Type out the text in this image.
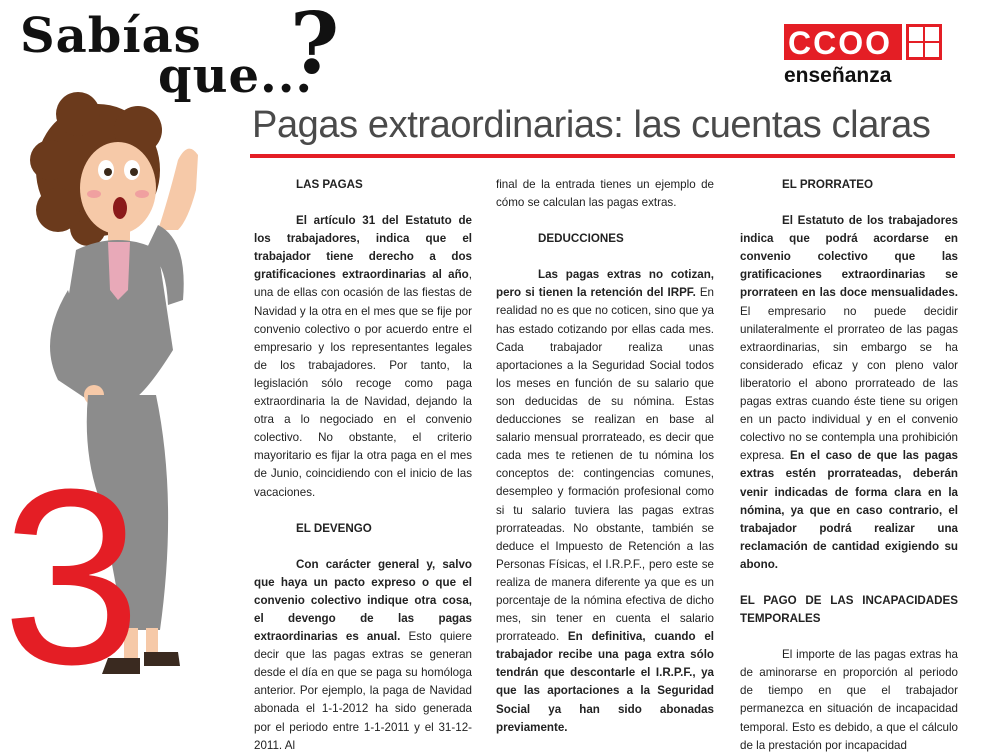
Sabías
que...
?	CCOO
enseñanza
Pagas extraordinarias: las cuentas claras
3
LAS PAGAS

El artículo 31 del Estatuto de los trabajadores, indica que el trabajador tiene derecho a dos gratificaciones extraordinarias al año, una de ellas con ocasión de las fiestas de Navidad y la otra en el mes que se fije por convenio colectivo o por acuerdo entre el empresario y los representantes legales de los trabajadores. Por tanto, la legislación sólo recoge como paga extraordinaria la de Navidad, dejando la otra a lo negociado en el convenio colectivo. No obstante, el criterio mayoritario es fijar la otra paga en el mes de Junio, coincidiendo con el inicio de las vacaciones.

EL DEVENGO

Con carácter general y, salvo que haya un pacto expreso o que el convenio colectivo indique otra cosa, el devengo de las pagas extraordinarias es anual. Esto quiere decir que las pagas extras se generan desde el día en que se paga su homóloga anterior. Por ejemplo, la paga de Navidad abonada el 1-1-2012 ha sido generada por el periodo entre 1-1-2011 y el 31-12-2011. Al

final de la entrada tienes un ejemplo de cómo se calculan las pagas extras.

DEDUCCIONES

Las pagas extras no cotizan, pero si tienen la retención del IRPF. En realidad no es que no coticen, sino que ya has estado cotizando por ellas cada mes. Cada trabajador realiza unas aportaciones a la Seguridad Social todos los meses en función de su salario que son deducidas de su nómina. Estas deducciones se realizan en base al salario mensual prorrateado, es decir que cada mes te retienen de tu nómina los conceptos de: contingencias comunes, desempleo y formación profesional como si tu salario tuviera las pagas extras prorrateadas. No obstante, también se deduce el Impuesto de Retención a las Personas Físicas, el I.R.P.F., pero este se realiza de manera diferente ya que es un porcentaje de la nómina efectiva de dicho mes, sin tener en cuenta el salario prorrateado. En definitiva, cuando el trabajador recibe una paga extra sólo tendrán que descontarle el I.R.P.F., ya que las aportaciones a la Seguridad Social ya han sido abonadas previamente.

EL PRORRATEO

El Estatuto de los trabajadores indica que podrá acordarse en convenio colectivo que las gratificaciones extraordinarias se prorrateen en las doce mensualidades. El empresario no puede decidir unilateralmente el prorrateo de las pagas extraordinarias, sin embargo se ha considerado eficaz y con pleno valor liberatorio el abono prorrateado de las pagas extras cuando éste tiene su origen en un pacto individual y en el convenio colectivo no se contempla una prohibición expresa. En el caso de que las pagas extras estén prorrateadas, deberán venir indicadas de forma clara en la nómina, ya que en caso contrario, el trabajador podrá realizar una reclamación de cantidad exigiendo su abono.

EL PAGO DE LAS INCAPACIDADES TEMPORALES

El importe de las pagas extras ha de aminorarse en proporción al periodo de tiempo en que el trabajador permanezca en situación de incapacidad temporal. Esto es debido, a que el cálculo de la prestación por incapacidad
